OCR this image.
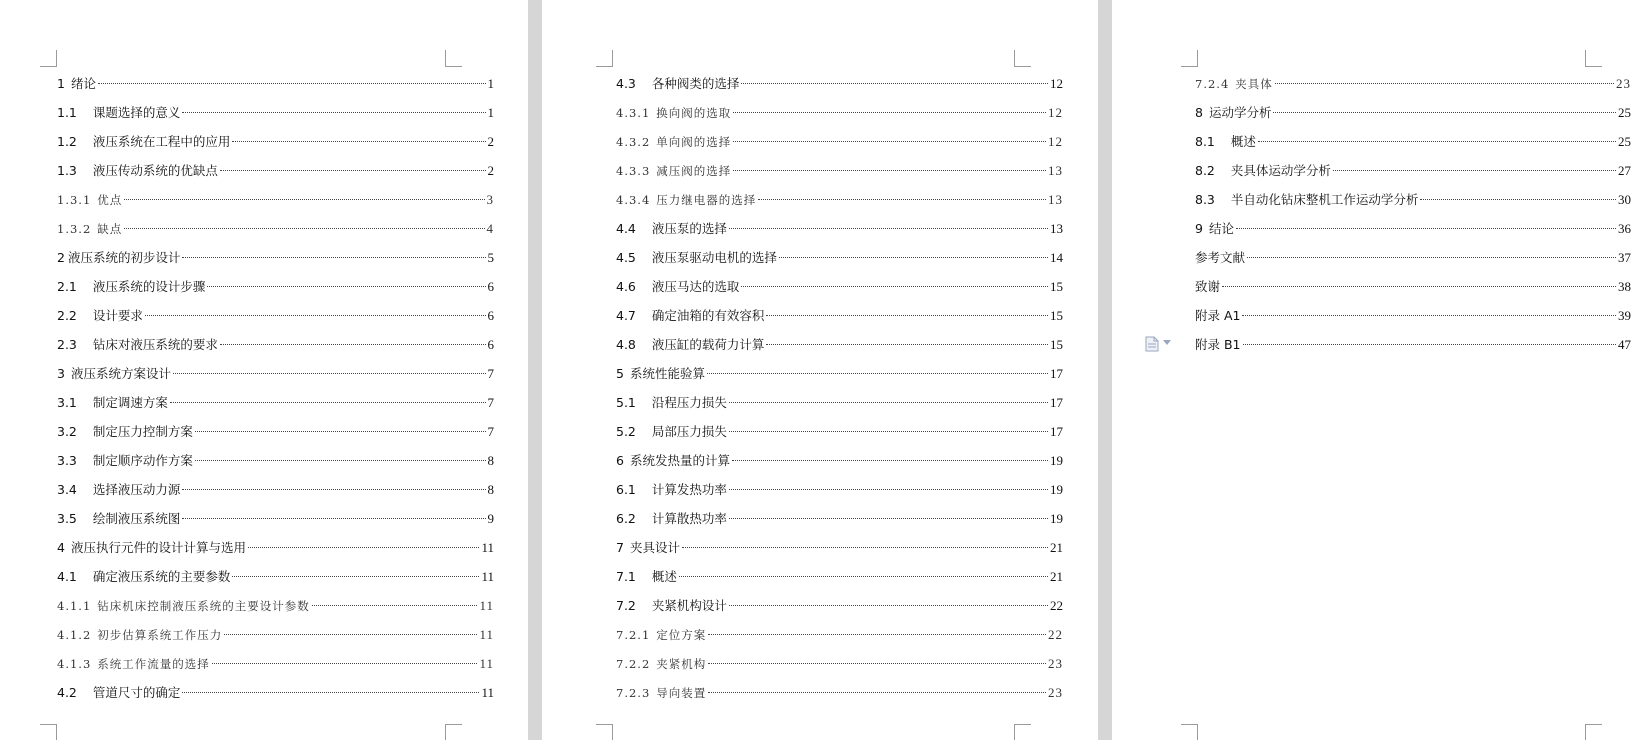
1 绪论	1
1.1 课题选择的意义	1
1.2 液压系统在工程中的应用	2
1.3 液压传动系统的优缺点	2
1.3.1 优点	3
1.3.2 缺点	4
2 液压系统的初步设计	5
2.1 液压系统的设计步骤	6
2.2 设计要求	6
2.3 钻床对液压系统的要求	6
3 液压系统方案设计	7
3.1 制定调速方案	7
3.2 制定压力控制方案	7
3.3 制定顺序动作方案	8
3.4 选择液压动力源	8
3.5 绘制液压系统图	9
4 液压执行元件的设计计算与选用	11
4.1 确定液压系统的主要参数	11
4.1.1 钻床机床控制液压系统的主要设计参数	11
4.1.2 初步估算系统工作压力	11
4.1.3 系统工作流量的选择	11
4.2 管道尺寸的确定	11
4.3 各种阀类的选择	12
4.3.1 换向阀的选取	12
4.3.2 单向阀的选择	12
4.3.3 减压阀的选择	13
4.3.4 压力继电器的选择	13
4.4 液压泵的选择	13
4.5 液压泵驱动电机的选择	14
4.6 液压马达的选取	15
4.7 确定油箱的有效容积	15
4.8 液压缸的载荷力计算	15
5 系统性能验算	17
5.1 沿程压力损失	17
5.2 局部压力损失	17
6 系统发热量的计算	19
6.1 计算发热功率	19
6.2 计算散热功率	19
7 夹具设计	21
7.1 概述	21
7.2 夹紧机构设计	22
7.2.1 定位方案	22
7.2.2 夹紧机构	23
7.2.3 导向装置	23
7.2.4 夹具体	23
8 运动学分析	25
8.1 概述	25
8.2 夹具体运动学分析	27
8.3 半自动化钻床整机工作运动学分析	30
9 结论	36
参考文献	37
致谢	38
附录 A1	39
附录 B1	47
